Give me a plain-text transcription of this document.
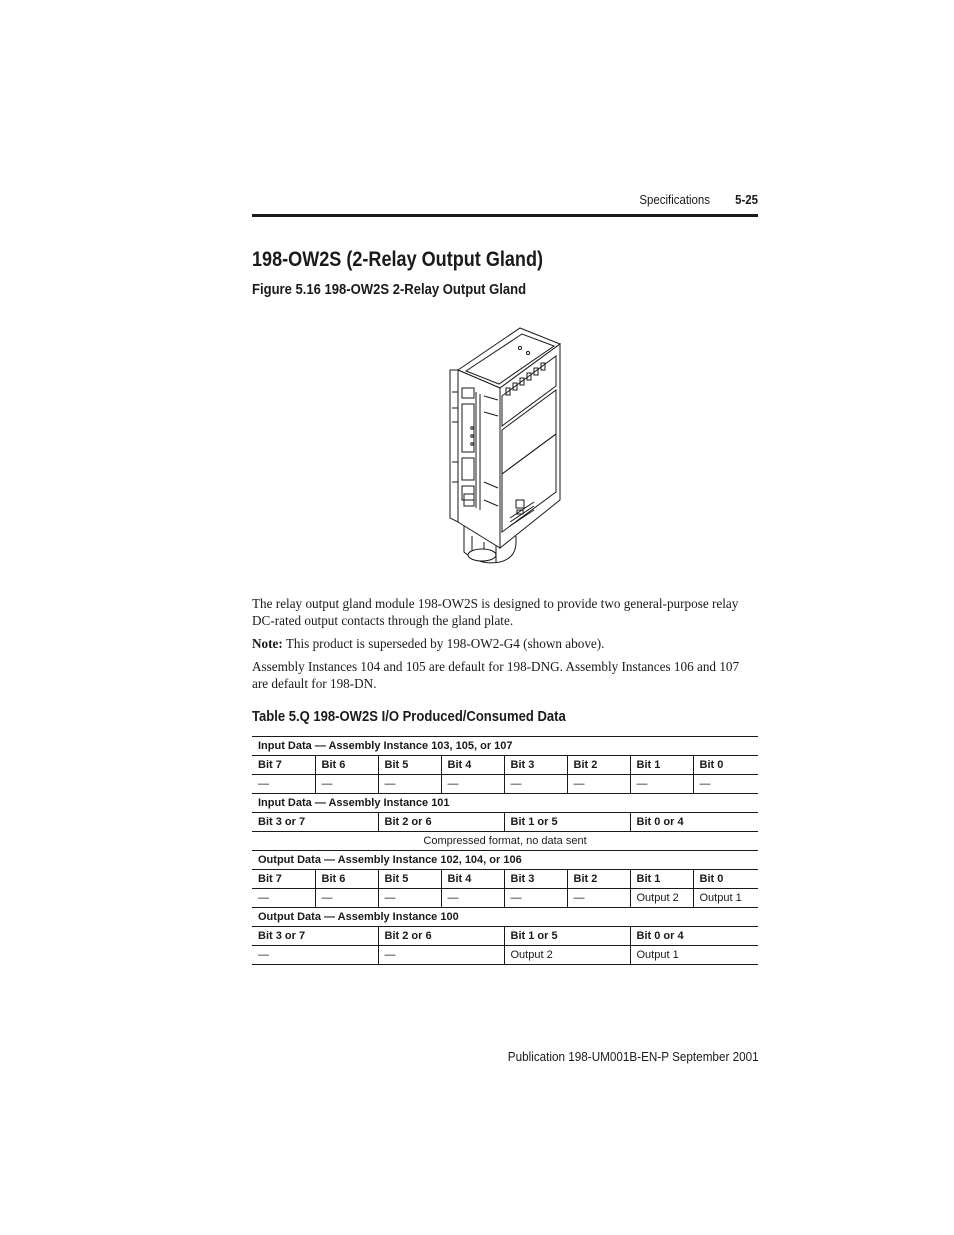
Specifications	5-25
198-OW2S (2-Relay Output Gland)
Figure 5.16 198-OW2S 2-Relay Output Gland
The relay output gland module 198-OW2S is designed to provide two general-purpose relay DC-rated output contacts through the gland plate.
Note: This product is superseded by 198-OW2-G4 (shown above).
Assembly Instances 104 and 105 are default for 198-DNG. Assembly Instances 106 and 107 are default for 198-DN.
Table 5.Q 198-OW2S I/O Produced/Consumed Data
Input Data — Assembly Instance 103, 105, or 107							
Bit 7	Bit 6	Bit 5	Bit 4	Bit 3	Bit 2	Bit 1	Bit 0
—	—	—	—	—	—	—	—
Input Data — Assembly Instance 101							
Bit 3 or 7		Bit 2 or 6		Bit 1 or 5		Bit 0 or 4	
Compressed format, no data sent							
Output Data — Assembly Instance 102, 104, or 106							
Bit 7	Bit 6	Bit 5	Bit 4	Bit 3	Bit 2	Bit 1	Bit 0
—	—	—	—	—	—	Output 2	Output 1
Output Data — Assembly Instance 100							
Bit 3 or 7		Bit 2 or 6		Bit 1 or 5		Bit 0 or 4	
—		—		Output 2		Output 1	
Publication 198-UM001B-EN-P September 2001
